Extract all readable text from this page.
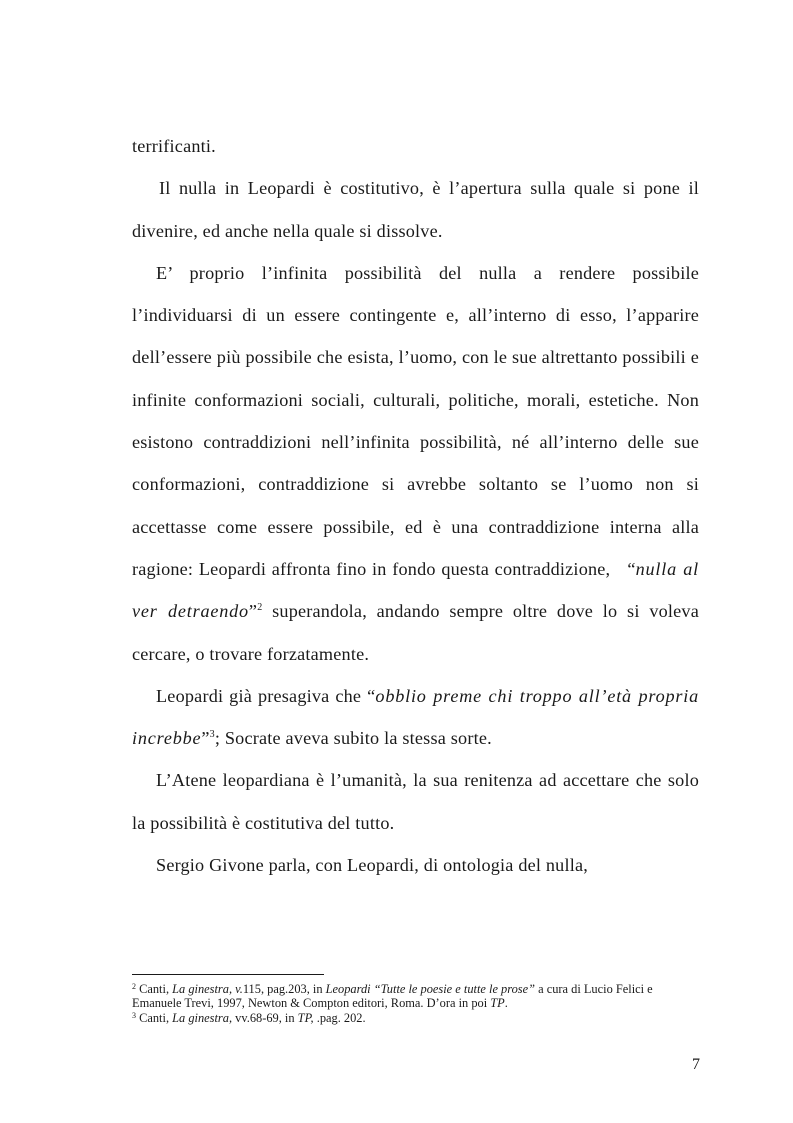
terrificanti.

Il nulla in Leopardi è costitutivo, è l’apertura sulla quale si pone il divenire, ed anche nella quale si dissolve.

E’ proprio l’infinita possibilità del nulla a rendere possibile l’individuarsi di un essere contingente e, all’interno di esso, l’apparire dell’essere più possibile che esista, l’uomo, con le sue altrettanto possibili e infinite conformazioni sociali, culturali, politiche, morali, estetiche. Non esistono contraddizioni nell’infinita possibilità, né all’interno delle sue conformazioni, contraddizione si avrebbe soltanto se l’uomo non si accettasse come essere possibile, ed è una contraddizione interna alla ragione: Leopardi affronta fino in fondo questa contraddizione,   “nulla al ver detraendo”$^2$ superandola, andando sempre oltre dove lo si voleva cercare, o trovare forzatamente.

Leopardi già presagiva che “obblio preme chi troppo all’età propria increbbe”$^3$; Socrate aveva subito la stessa sorte.

L’Atene leopardiana è l’umanità, la sua renitenza ad accettare che solo la possibilità è costitutiva del tutto.

Sergio Givone parla, con Leopardi, di ontologia del nulla,

$^2$ Canti, La ginestra, v.115, pag.203, in Leopardi “Tutte le poesie e tutte le prose” a cura di Lucio Felici e Emanuele Trevi, 1997, Newton & Compton editori, Roma. D’ora in poi TP.

$^3$ Canti, La ginestra, vv.68-69, in TP, .pag. 202.

7
